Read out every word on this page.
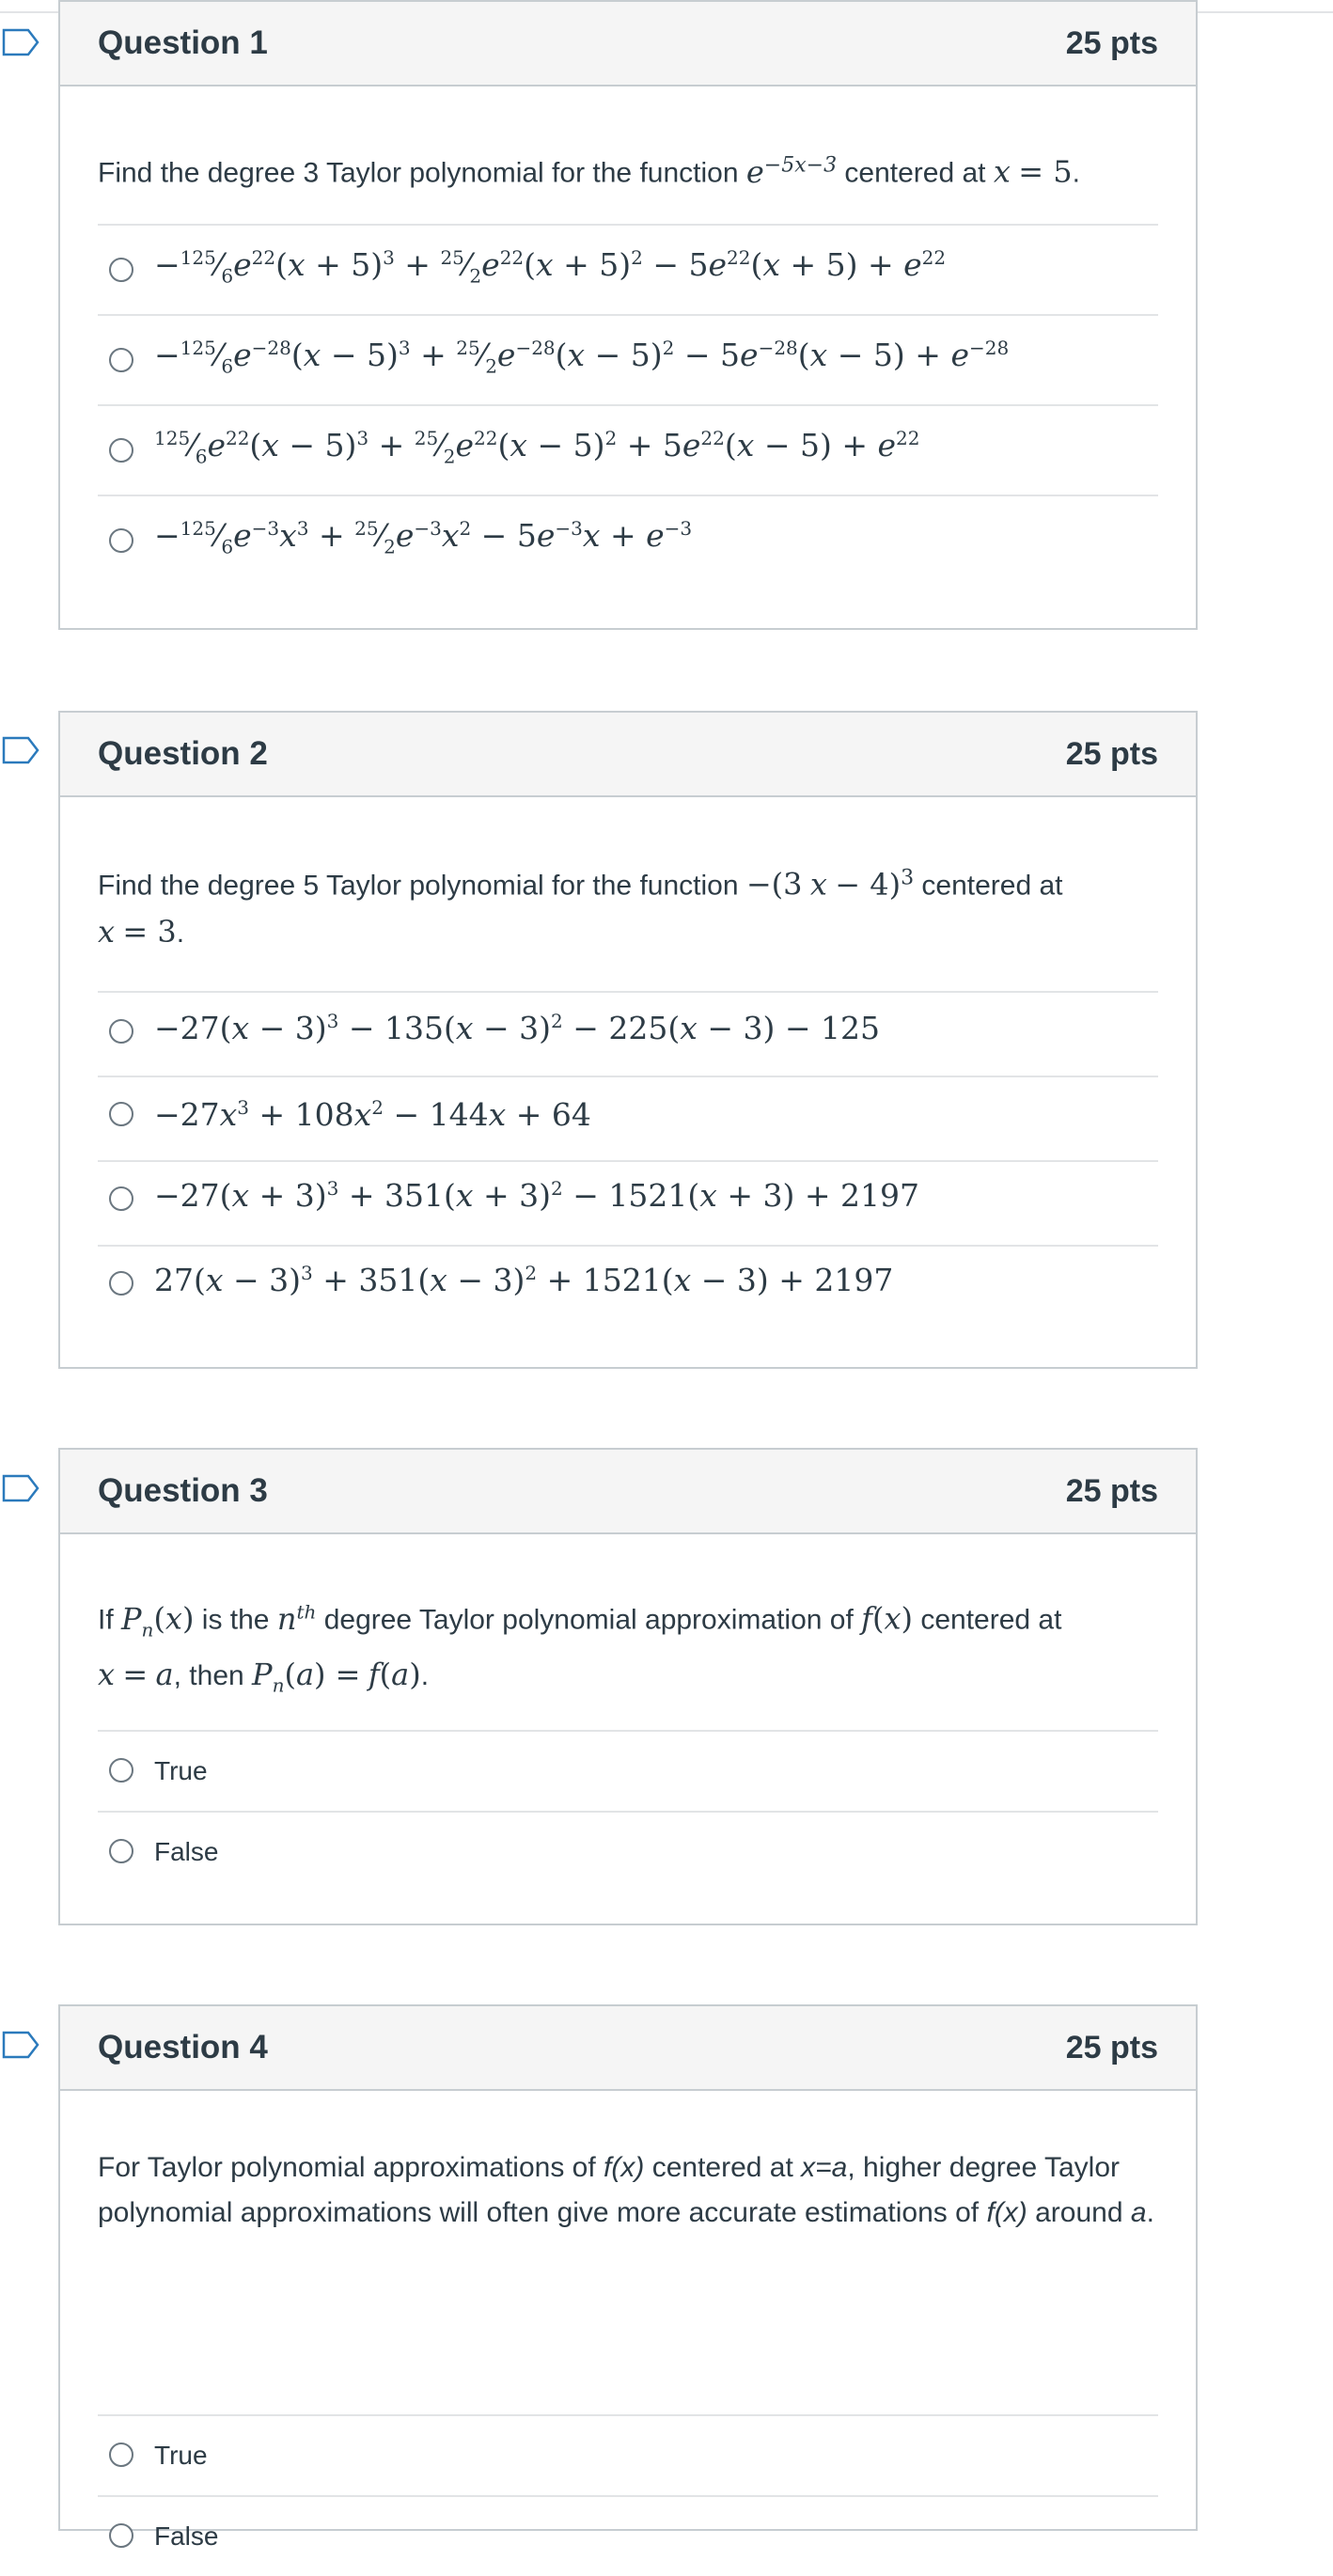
Question 1	25 pts

Find the degree 3 Taylor polynomial for the function $e^{-5x-3}$ centered at x = 5.

$-^{125}⁄_6e^{22}(x + 5)^3$ + $^{25}⁄_2e^{22}(x + 5)^2 - 5e^{22}(x + 5) + e^{22}$
$-^{125}⁄_6e^{-28}(x - 5)^3$ + $^{25}⁄_2e^{-28}(x - 5)^2 - 5e^{-28}(x - 5) + e^{-28}$
$^{125}⁄_6e^{22}(x - 5)^3$ + $^{25}⁄_2e^{22}(x - 5)^2 + 5e^{22}(x - 5) + e^{22}$
$-^{125}⁄_6e^{-3}x^3$ + $^{25}⁄_2e^{-3}x^2 - 5e^{-3}x + e^{-3}$
Question 2	25 pts

Find the degree 5 Taylor polynomial for the function −(3 x − 4)$^3$ centered at
x = 3.

$-27(x - 3)^3 - 135(x - 3)^2 - 225(x - 3) - 125$
$-27x^3 + 108x^2 - 144x + 64$
$-27(x + 3)^3 + 351(x + 3)^2 - 1521(x + 3) + 2197$
$27(x - 3)^3 + 351(x - 3)^2 + 1521(x - 3) + 2197$
Question 3	25 pts

If $P_n(x)$ is the $n^{th}$ degree Taylor polynomial approximation of f(x) centered at
x = a, then $P_n(a) = f(a)$.

True
False
Question 4	25 pts

For Taylor polynomial approximations of f(x) centered at x=a, higher degree Taylor polynomial approximations will often give more accurate estimations of f(x) around a.

True
False
